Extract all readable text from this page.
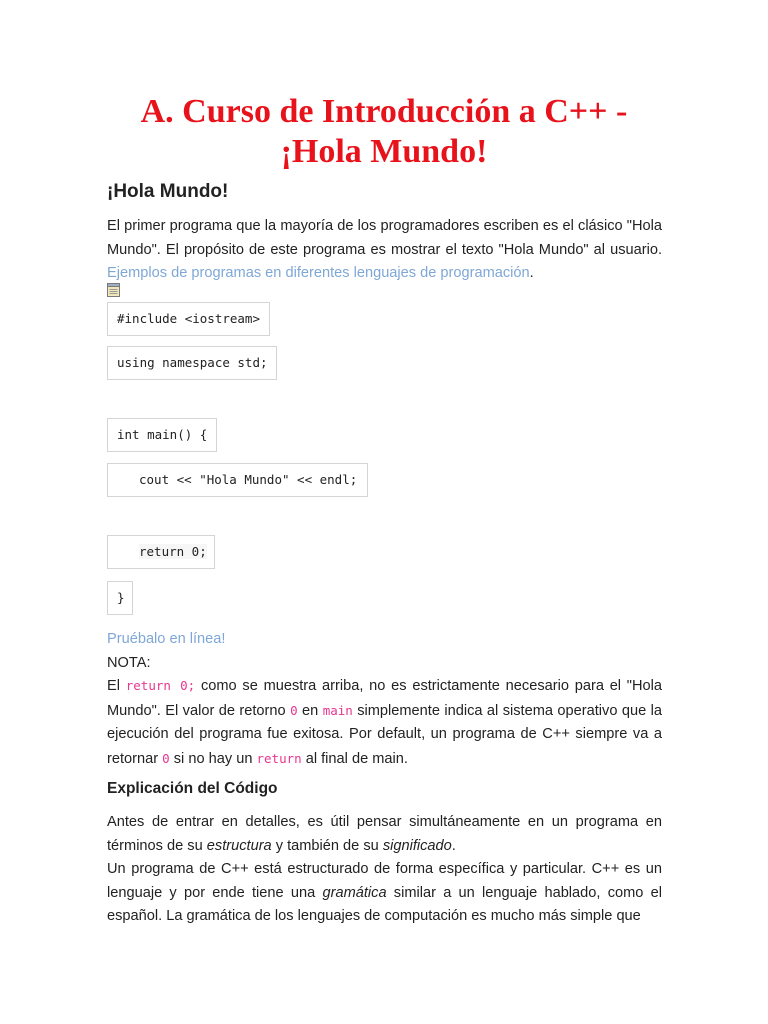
A. Curso de Introducción a C++ - ¡Hola Mundo!
¡Hola Mundo!

El primer programa que la mayoría de los programadores escriben es el clásico "Hola Mundo". El propósito de este programa es mostrar el texto "Hola Mundo" al usuario. Ejemplos de programas en diferentes lenguajes de programación.

#include <iostream>
using namespace std;
int main() {
cout << "Hola Mundo" << endl;
return 0;
}

Pruébalo en línea!
NOTA:

El return 0; como se muestra arriba, no es estrictamente necesario para el "Hola Mundo". El valor de retorno 0 en main simplemente indica al sistema operativo que la ejecución del programa fue exitosa. Por default, un programa de C++ siempre va a retornar 0 si no hay un return al final de main.

Explicación del Código

Antes de entrar en detalles, es útil pensar simultáneamente en un programa en términos de su estructura y también de su significado.
Un programa de C++ está estructurado de forma específica y particular. C++ es un lenguaje y por ende tiene una gramática similar a un lenguaje hablado, como el español. La gramática de los lenguajes de computación es mucho más simple que
